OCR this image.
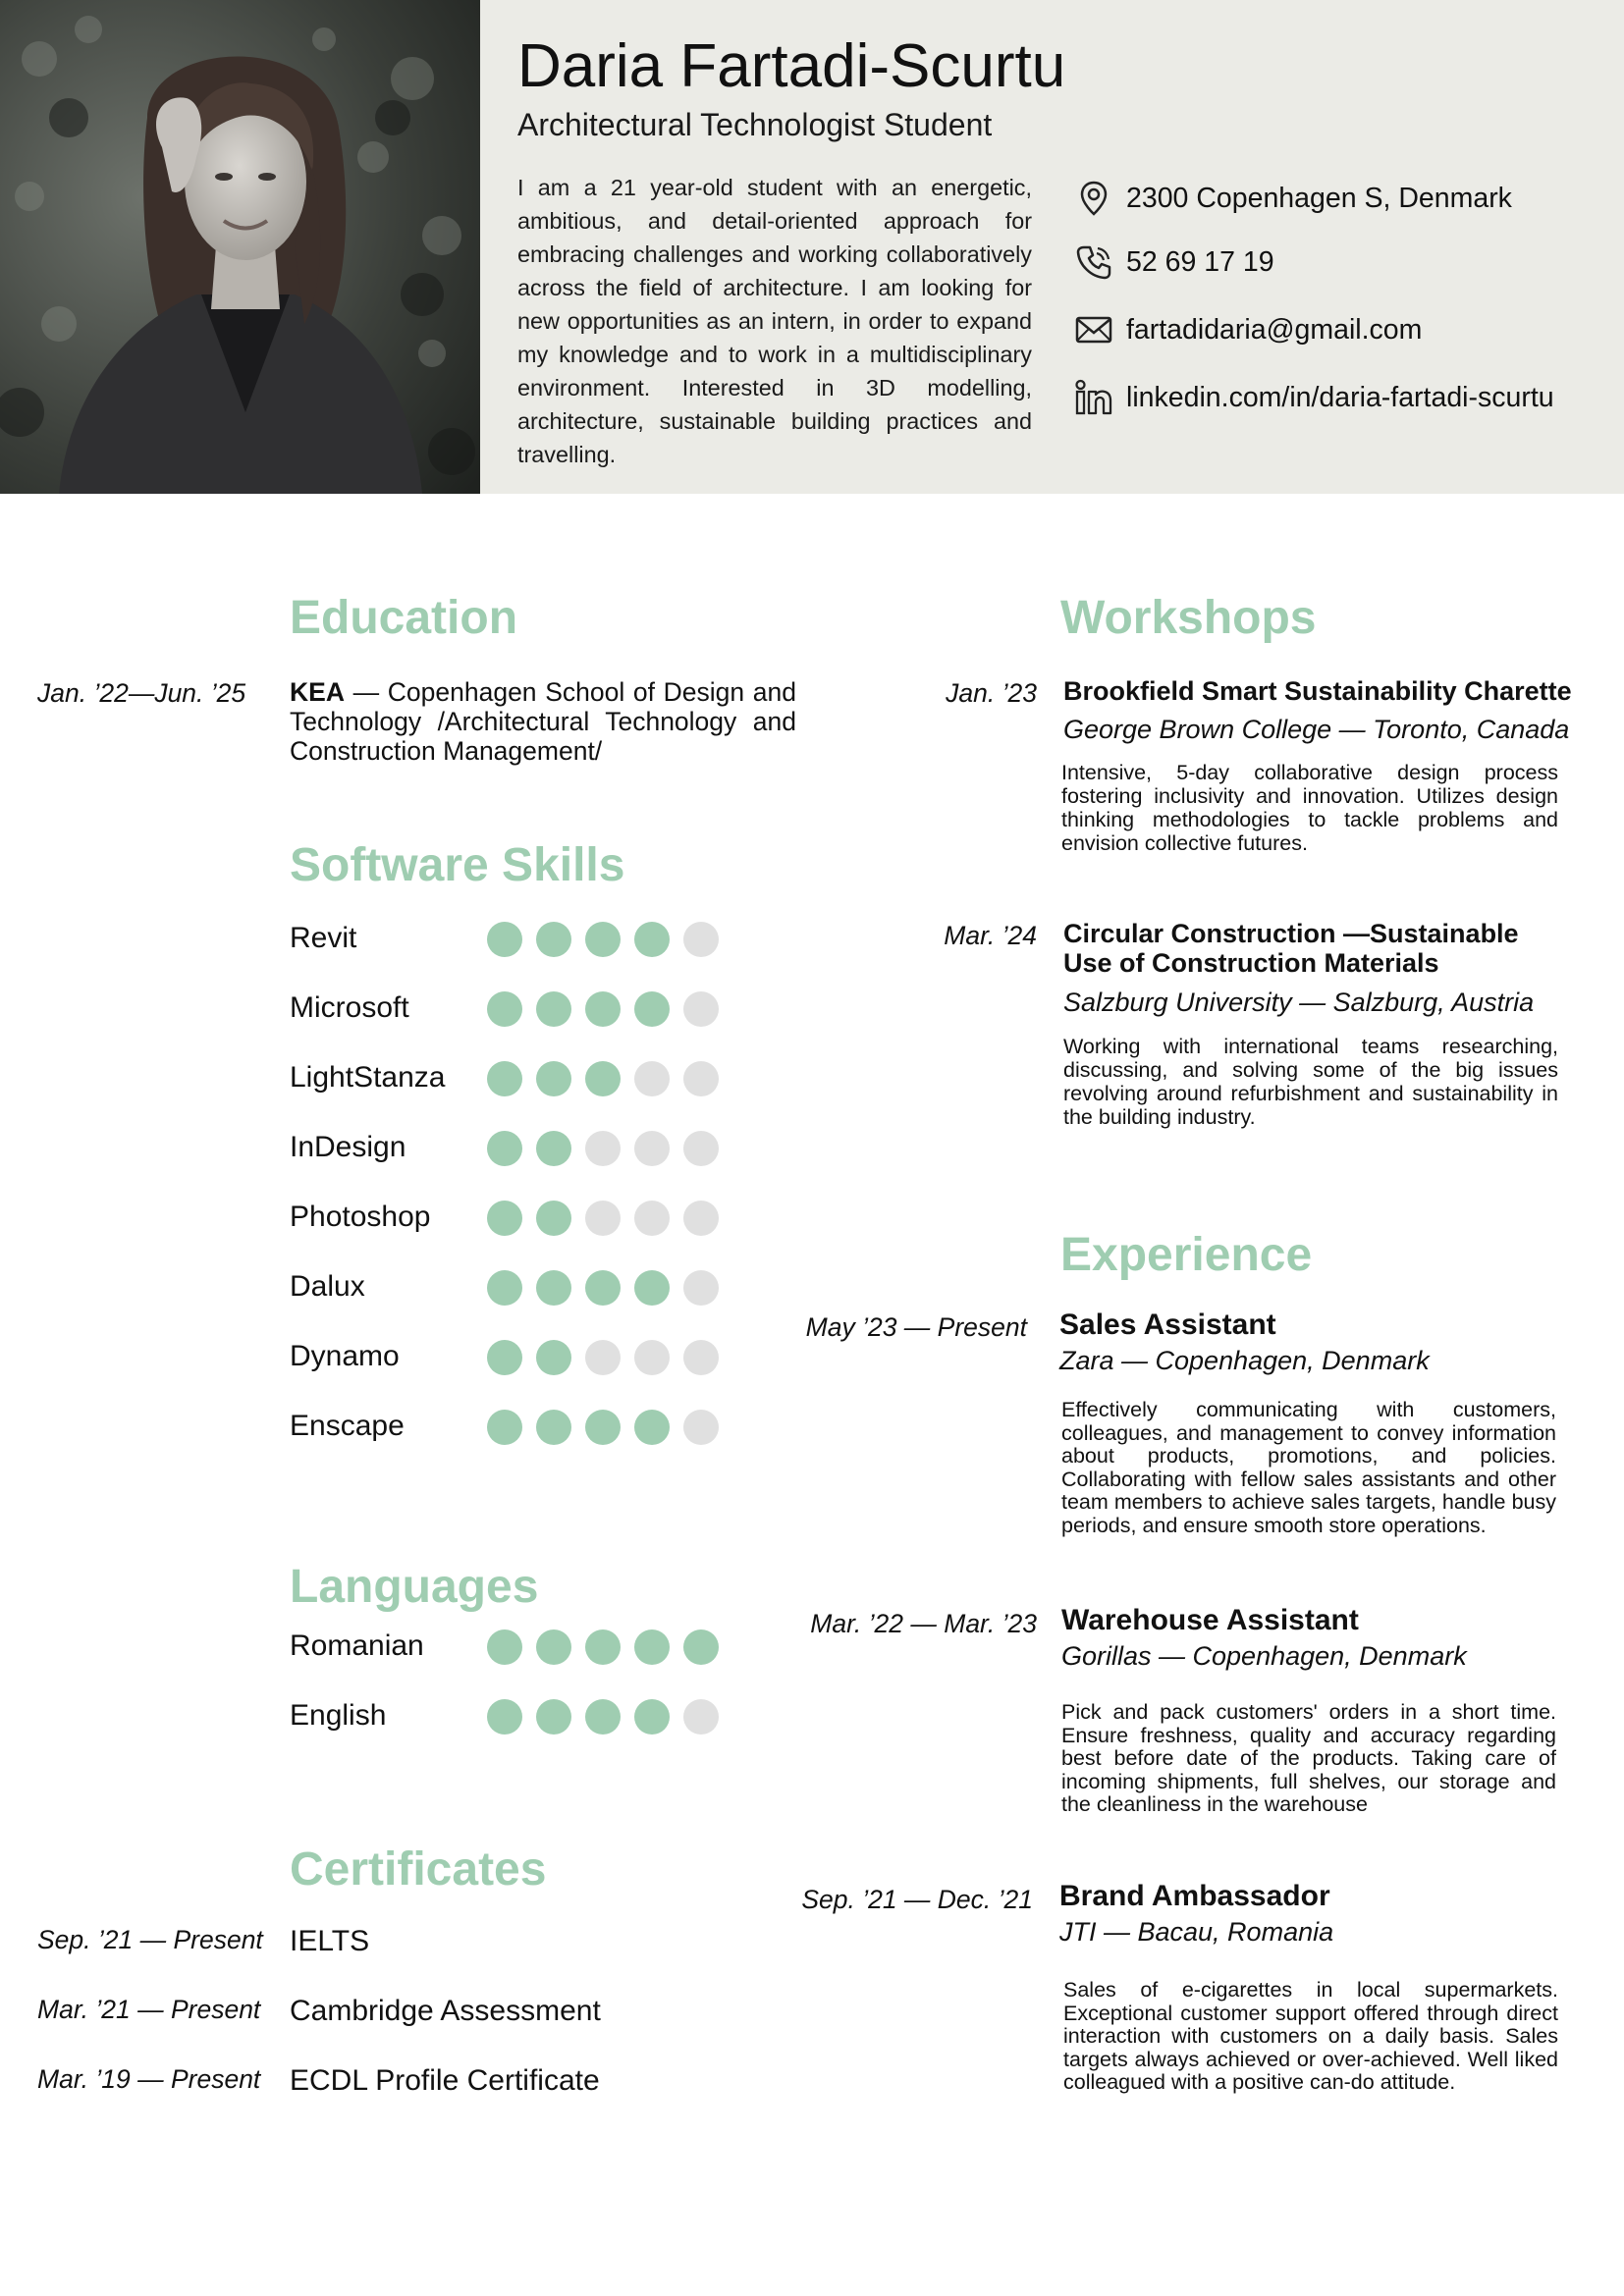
Daria Fartadi-Scurtu
Architectural Technologist Student
I am a 21 year-old student with an energetic, ambitious, and detail-oriented approach for embracing challenges and working collaboratively across the field of architecture. I am looking for new opportunities as an intern, in order to expand my knowledge and to work in a multidisciplinary environment. Interested in 3D modelling, architecture, sustainable building practices and travelling.
2300 Copenhagen S, Denmark
52 69 17 19
fartadidaria@gmail.com
linkedin.com/in/daria-fartadi-scurtu
Education
Jan. ’22—Jun. ’25 KEA — Copenhagen School of Design and Technology /Architectural Technology and Construction Management/
Software Skills
Revit
Microsoft
LightStanza
InDesign
Photoshop
Dalux
Dynamo
Enscape
Languages
Romanian
English
Certificates
Sep. ’21 — Present IELTS
Mar. ’21 — Present Cambridge Assessment
Mar. ’19 — Present ECDL Profile Certificate
Workshops
Jan. ’23 Brookfield Smart Sustainability Charette
George Brown College — Toronto, Canada
Intensive, 5-day collaborative design process fostering inclusivity and innovation. Utilizes design thinking methodologies to tackle problems and envision collective futures.
Mar. ’24 Circular Construction —Sustainable Use of Construction Materials
Salzburg University — Salzburg, Austria
Working with international teams researching, discussing, and solving some of the big issues revolving around refurbishment and sustainability in the building industry.
Experience
May ’23 — Present Sales Assistant
Zara — Copenhagen, Denmark
Effectively communicating with customers, colleagues, and management to convey information about products, promotions, and policies. Collaborating with fellow sales assistants and other team members to achieve sales targets, handle busy periods, and ensure smooth store operations.
Mar. ’22 — Mar. ’23 Warehouse Assistant
Gorillas — Copenhagen, Denmark
Pick and pack customers' orders in a short time. Ensure freshness, quality and accuracy regarding best before date of the products. Taking care of incoming shipments, full shelves, our storage and the cleanliness in the warehouse
Sep. ’21 — Dec. ’21 Brand Ambassador
JTI — Bacau, Romania
Sales of e-cigarettes in local supermarkets. Exceptional customer support offered through direct interaction with customers on a daily basis. Sales targets always achieved or over-achieved. Well liked colleagued with a positive can-do attitude.
